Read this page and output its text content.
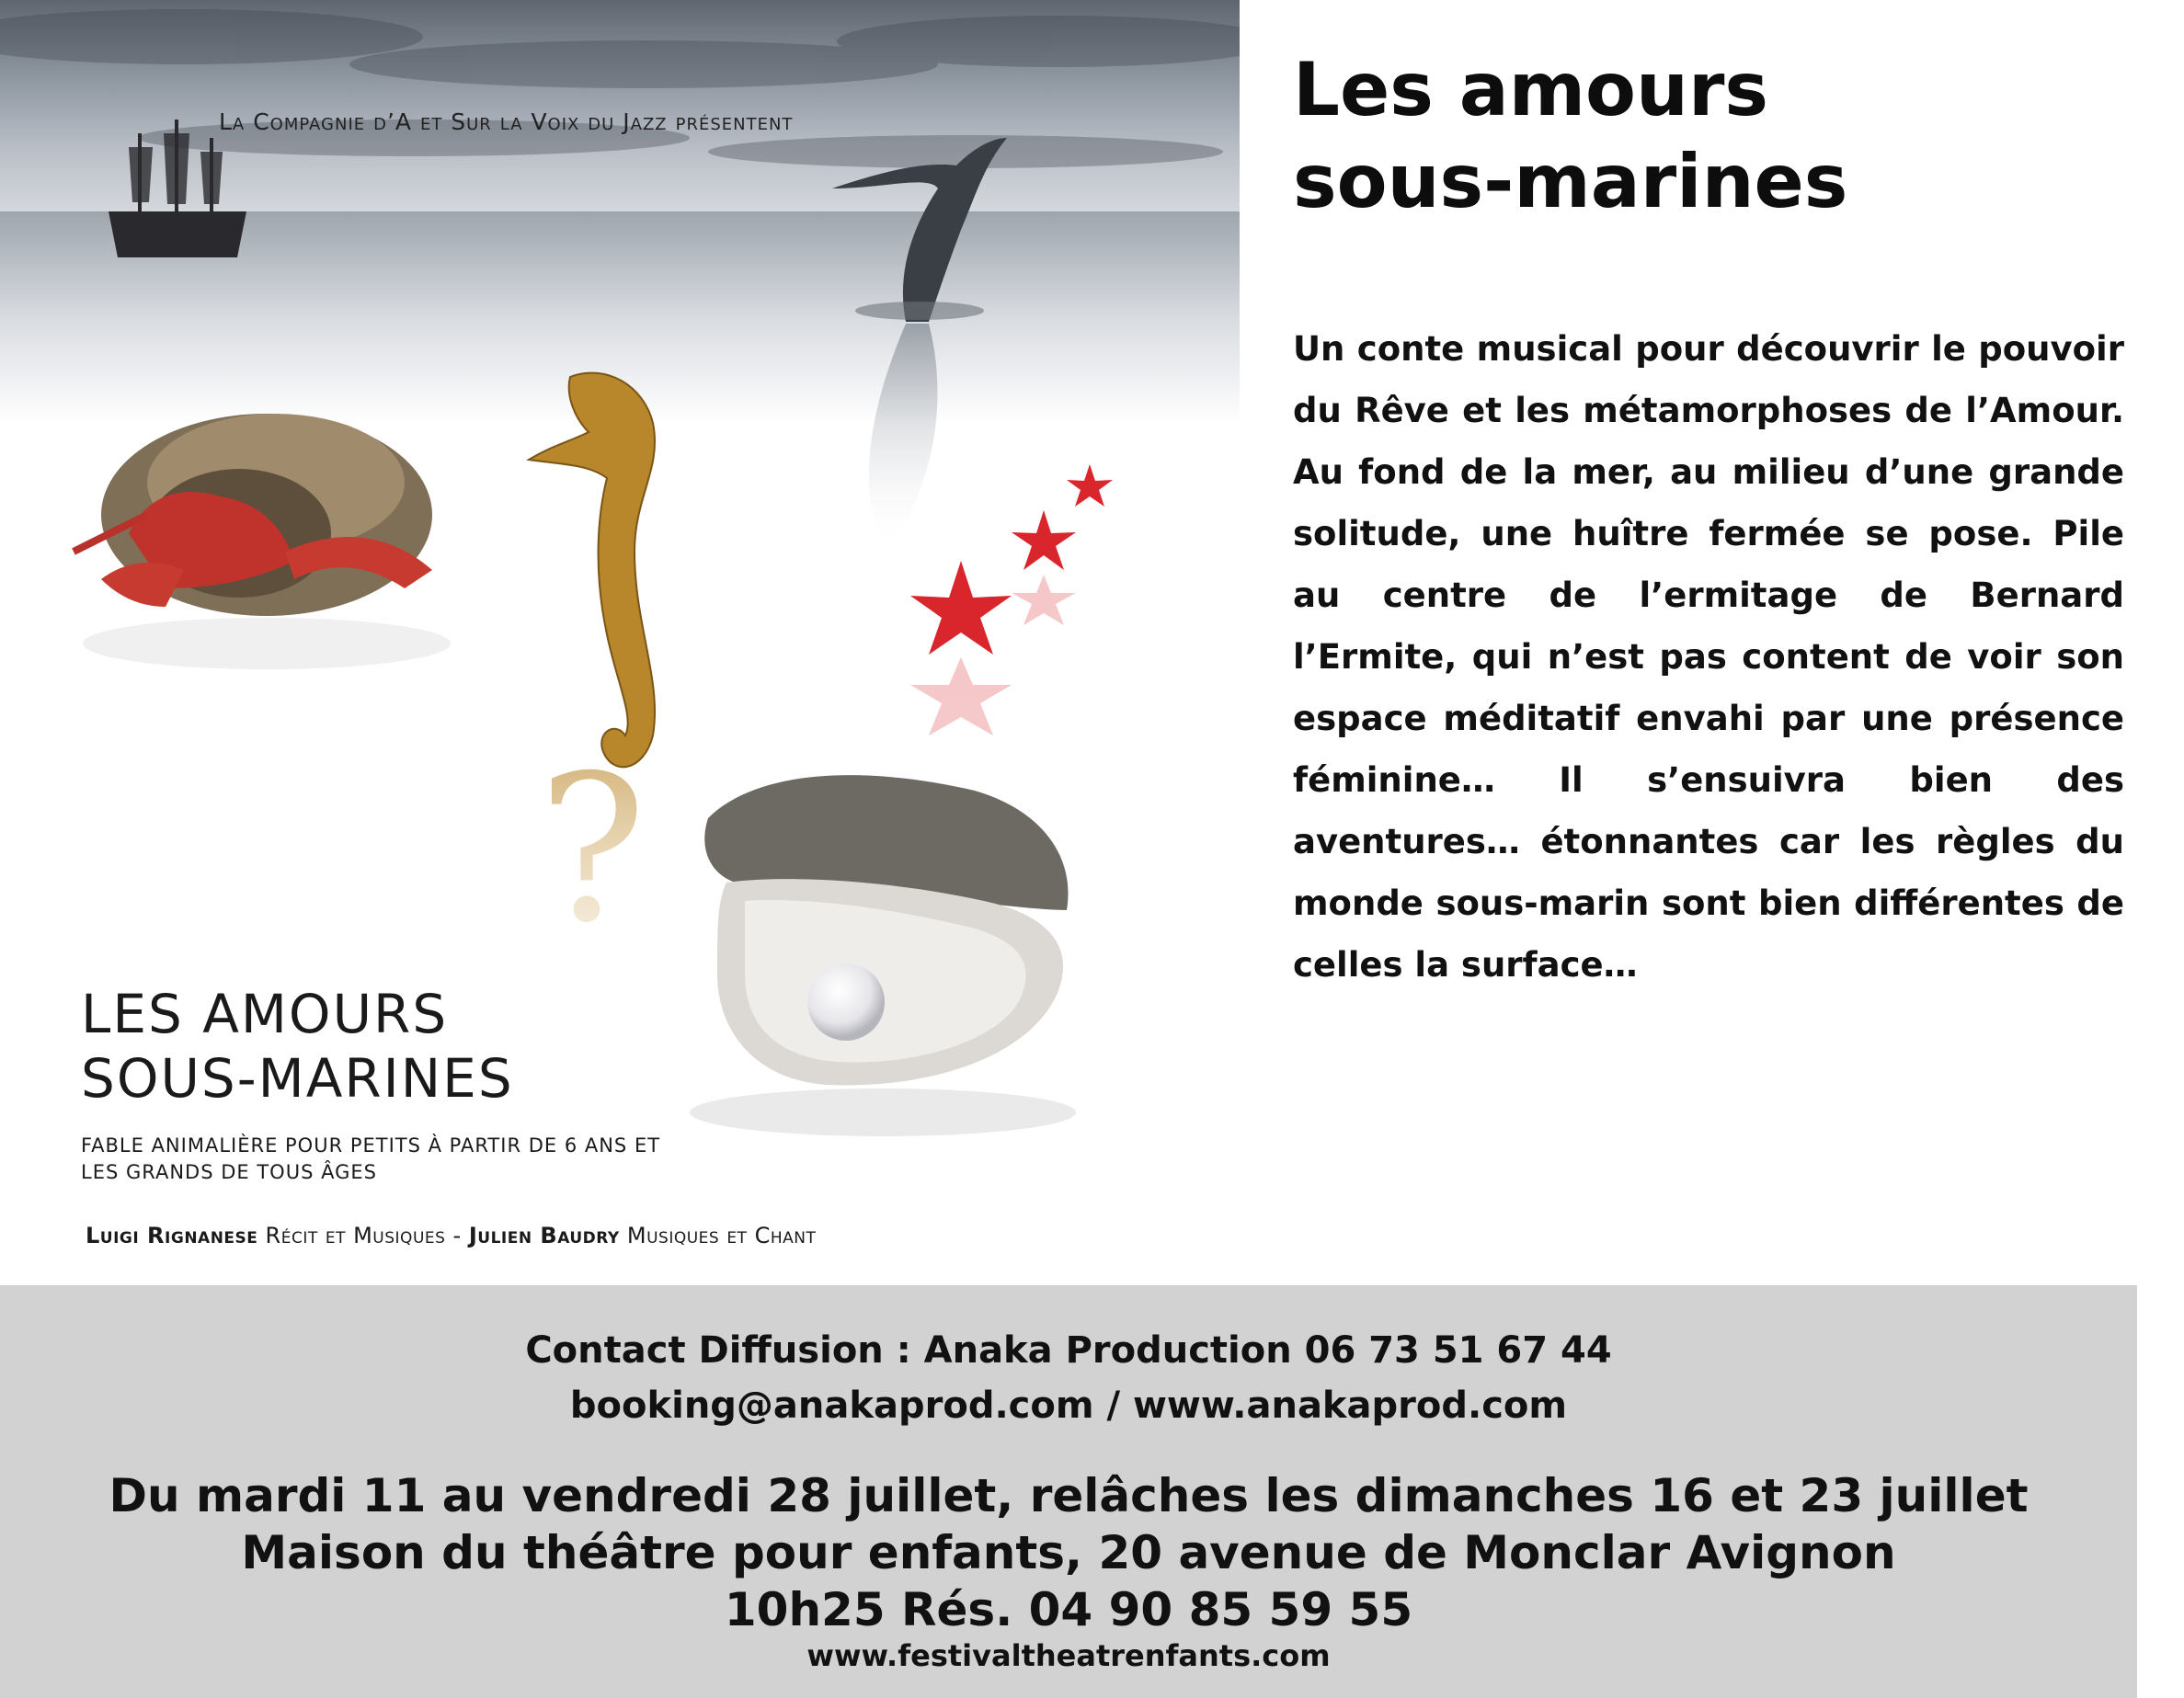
?
La Compagnie d’A et Sur la Voix du Jazz présentent
LES AMOURS
SOUS-MARINES
FABLE ANIMALIÈRE POUR PETITS À PARTIR DE 6 ANS ET LES GRANDS DE TOUS ÂGES
Luigi Rignanese Récit et Musiques - Julien Baudry Musiques et Chant
Les amours
sous-marines
Un conte musical pour découvrir le pouvoir du Rêve et les métamorphoses de l’Amour. Au fond de la mer, au milieu d’une grande solitude, une huître fermée se pose. Pile au centre de l’ermitage de Bernard l’Ermite, qui n’est pas content de voir son espace méditatif envahi par une présence féminine… Il s’ensuivra bien des aventures… étonnantes car les règles du monde sous-marin sont bien différentes de celles la surface…
Contact Diffusion : Anaka Production 06 73 51 67 44
booking@anakaprod.com / www.anakaprod.com
Du mardi 11 au vendredi 28 juillet, relâches les dimanches 16 et 23 juillet
Maison du théâtre pour enfants, 20 avenue de Monclar Avignon
10h25 Rés. 04 90 85 59 55
www.festivaltheatrenfants.com
